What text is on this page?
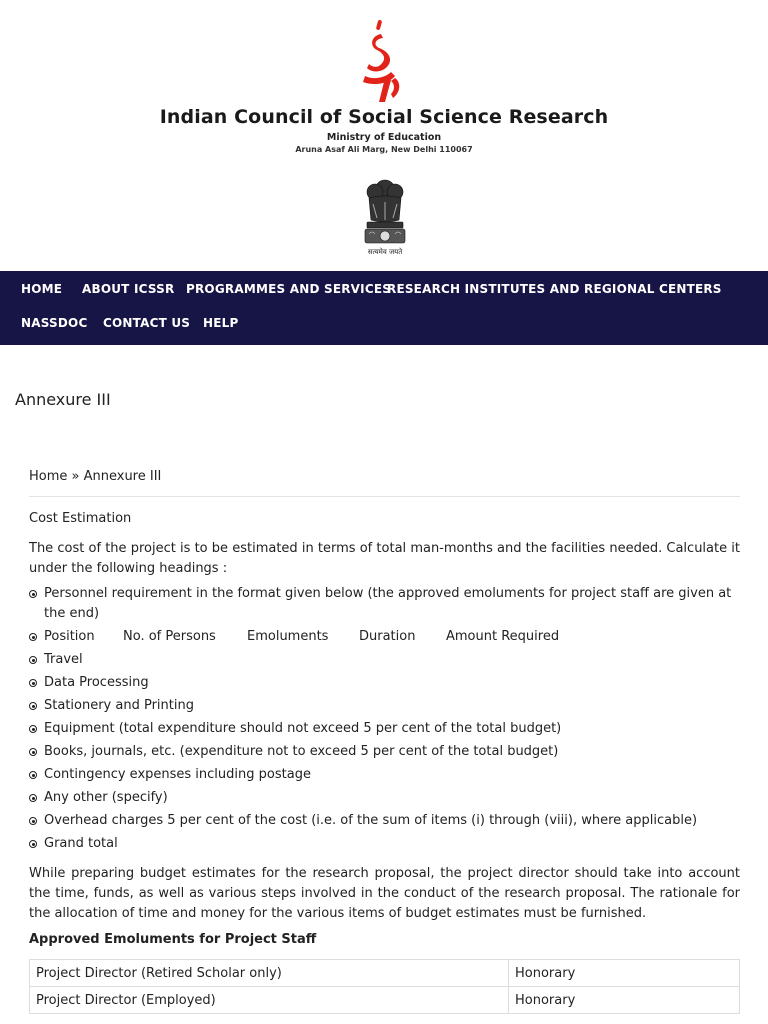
Indian Council of Social Science Research
Ministry of Education
Aruna Asaf Ali Marg, New Delhi 110067
सत्यमेव जयते
HOME ABOUT ICSSR PROGRAMMES AND SERVICES
RESEARCH INSTITUTES AND REGIONAL CENTERS
NASSDOC CONTACT US HELP
Annexure III
Home » Annexure III

Cost Estimation

The cost of the project is to be estimated in terms of total man-months and the facilities needed. Calculate it under the following headings :

Personnel requirement in the format given below (the approved emoluments for project staff are given at the end)
Position No. of Persons Emoluments Duration Amount Required
Travel
Data Processing
Stationery and Printing
Equipment (total expenditure should not exceed 5 per cent of the total budget)
Books, journals, etc. (expenditure not to exceed 5 per cent of the total budget)
Contingency expenses including postage
Any other (specify)
Overhead charges 5 per cent of the cost (i.e. of the sum of items (i) through (viii), where applicable)
Grand total

While preparing budget estimates for the research proposal, the project director should take into account the time, funds, as well as various steps involved in the conduct of the research proposal. The rationale for the allocation of time and money for the various items of budget estimates must be furnished.

Approved Emoluments for Project Staff

Project Director (Retired Scholar only)	Honorary
Project Director (Employed)	Honorary
